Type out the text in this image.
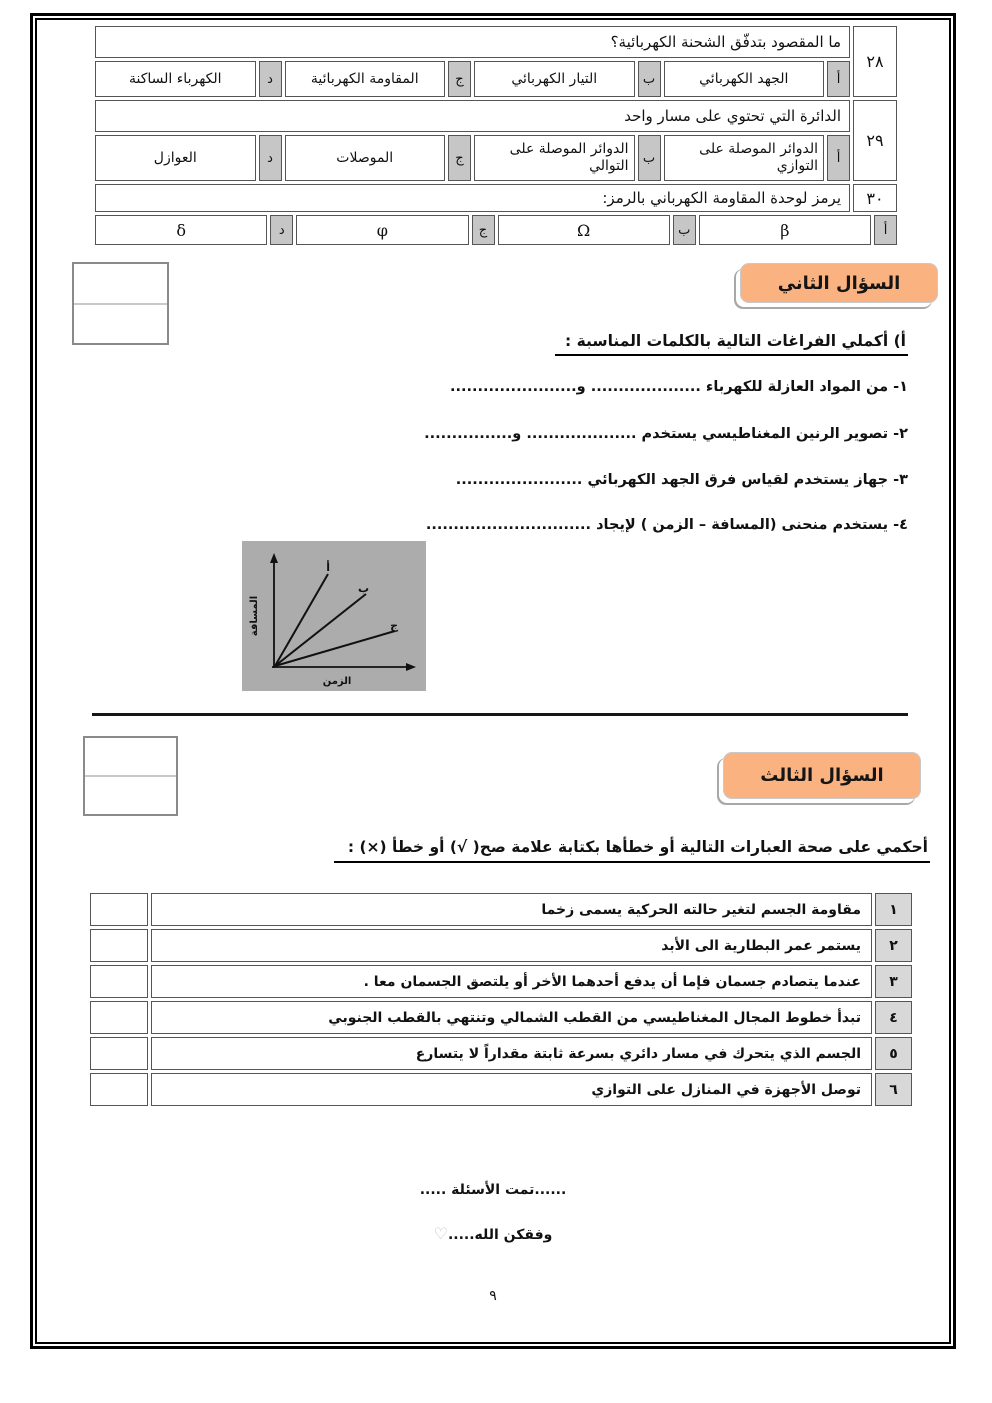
٢٨
ما المقصود بتدفّق الشحنة الكهربائية؟
أ
الجهد الكهربائي
ب
التيار الكهربائي
ج
المقاومة الكهربائية
د
الكهرباء الساكنة
٢٩
الدائرة التي تحتوي على مسار واحد
أ
الدوائر الموصلة على التوازي
ب
الدوائر الموصلة على التوالي
ج
الموصلات
د
العوازل
٣٠
يرمز لوحدة المقاومة الكهرباني بالرمز:
أ
β
ب
Ω
ج
φ
د
δ
السؤال الثاني
أ) أكملي الفراغات التالية بالكلمات المناسبة :
١- من المواد العازلة للكهرباء .................... و.......................
٢- تصوير الرنين المغناطيسي يستخدم .................... و................
٣- جهاز يستخدم لقياس فرق الجهد الكهربائي .......................
٤- يستخدم منحنى (المسافة – الزمن ) لإيجاد ..............................
أ
ب
ج
المسافة
الزمن
السؤال الثالث
أحكمي على صحة العبارات التالية أو خطأها بكتابة علامة صح( √) أو خطأ (×) :
١
مقاومة الجسم لتغير حالته الحركية يسمى زخما
٢
يستمر عمر البطارية الى الأبد
٣
عندما يتصادم جسمان فإما أن يدفع أحدهما الأخر أو يلتصق الجسمان معا .
٤
تبدأ خطوط المجال المغناطيسي من القطب الشمالي وتنتهي بالقطب الجنوبي
٥
الجسم الذي يتحرك في مسار دائري بسرعة ثابتة مقداراً لا يتسارع
٦
توصل الأجهزة في المنازل على التوازي
......تمت الأسئلة .....
وفقكن الله.....♡
٩
